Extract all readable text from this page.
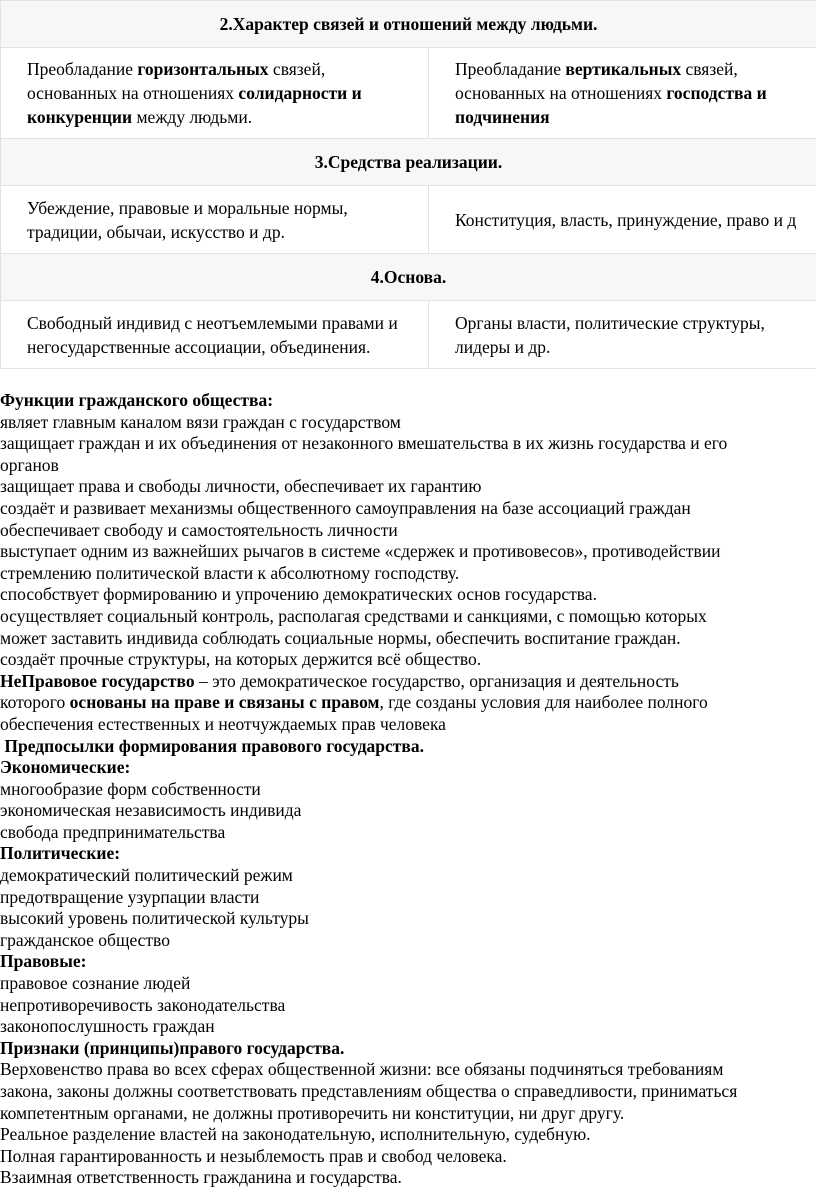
2.Характер связей и отношений между людьми.	
Преобладание горизонтальных связей, основанных на отношениях солидарности и конкуренции между людьми.	Преобладание вертикальных связей, основанных на отношениях господства и подчинения
3.Средства реализации.	
Убеждение, правовые и моральные нормы, традиции, обычаи, искусство и др.	Конституция, власть, принуждение, право и д
4.Основа.	
Свободный индивид с неотъемлемыми правами и негосударственные ассоциации, объединения.	Органы власти, политические структуры, лидеры и др.
Функции гражданского общества:
являет главным каналом вязи граждан с государством
защищает граждан и их объединения от незаконного вмешательства в их жизнь государства и его
органов
защищает права и свободы личности, обеспечивает их гарантию
создаёт и развивает механизмы общественного самоуправления на базе ассоциаций граждан
обеспечивает свободу и самостоятельность личности
выступает одним из важнейших рычагов в системе «сдержек и противовесов», противодействии
стремлению политической власти к абсолютному господству.
способствует формированию и упрочению демократических основ государства.
осуществляет социальный контроль, располагая средствами и санкциями, с помощью которых
может заставить индивида соблюдать социальные нормы, обеспечить воспитание граждан.
создаёт прочные структуры, на которых держится всё общество.
НеПравовое государство – это демократическое государство, организация и деятельность
которого основаны на праве и связаны с правом, где созданы условия для наиболее полного
обеспечения естественных и неотчуждаемых прав человека
Предпосылки формирования правового государства.
Экономические:
многообразие форм собственности
экономическая независимость индивида
свобода предпринимательства
Политические:
демократический политический режим
предотвращение узурпации власти
высокий уровень политической культуры
гражданское общество
Правовые:
правовое сознание людей
непротиворечивость законодательства
законопослушность граждан
Признаки (принципы)правого государства.
Верховенство права во всех сферах общественной жизни: все обязаны подчиняться требованиям
закона, законы должны соответствовать представлениям общества о справедливости, приниматься
компетентным органами, не должны противоречить ни конституции, ни друг другу.
Реальное разделение властей на законодательную, исполнительную, судебную.
Полная гарантированность и незыблемость прав и свобод человека.
Взаимная ответственность гражданина и государства.
